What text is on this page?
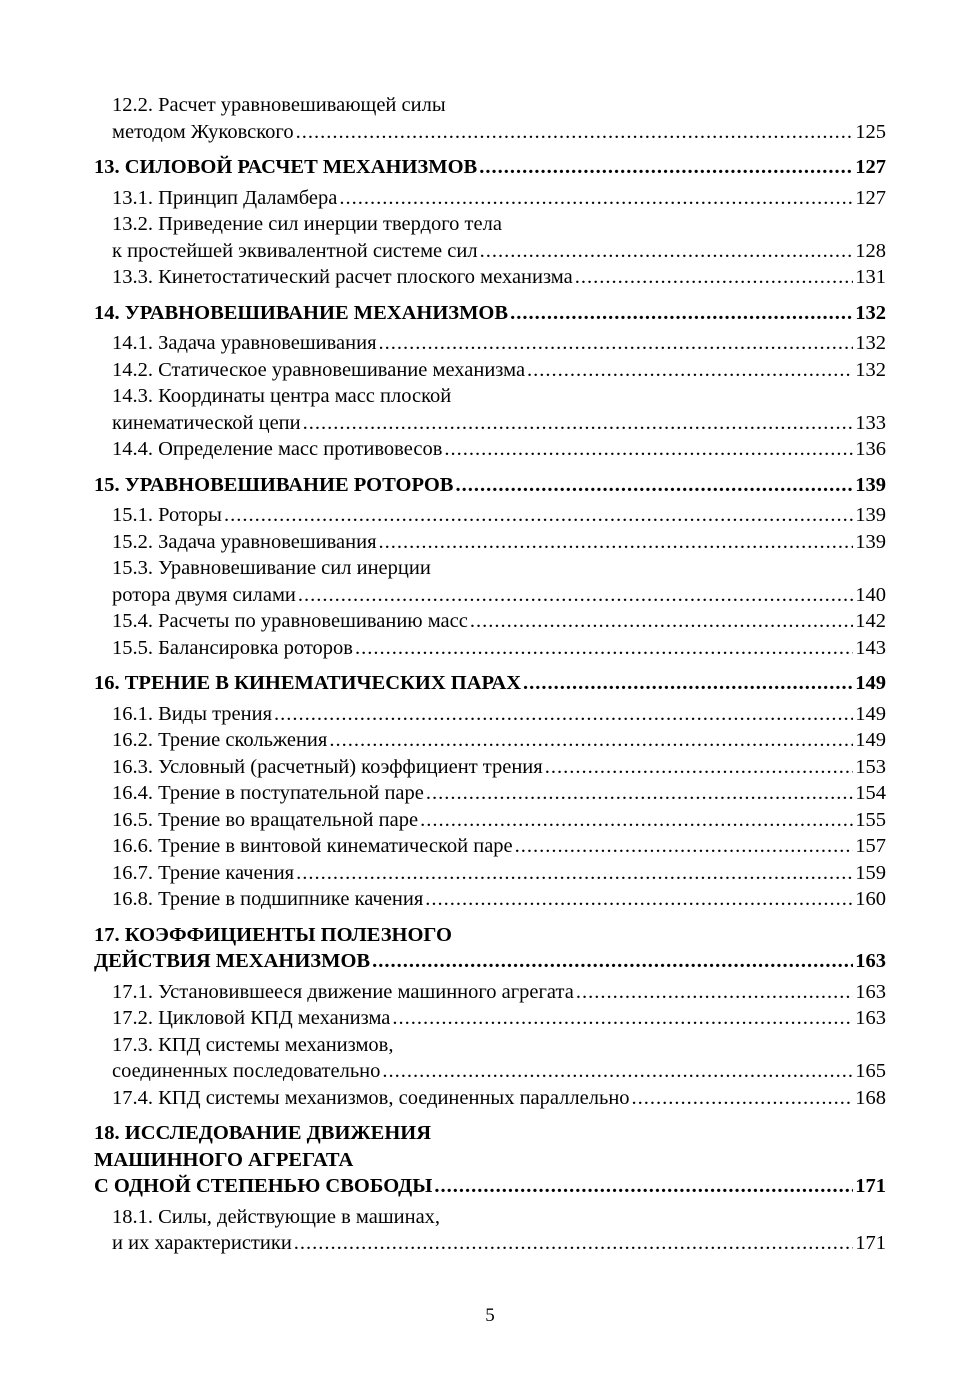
12.2. Расчет уравновешивающей силы
методом Жуковского .....	125
13. СИЛОВОЙ РАСЧЕТ МЕХАНИЗМОВ .....	127
13.1. Принцип Даламбера .....	127
13.2. Приведение сил инерции твердого тела
к простейшей эквивалентной системе сил .....	128
13.3. Кинетостатический расчет плоского механизма .....	131
14. УРАВНОВЕШИВАНИЕ МЕХАНИЗМОВ .....	132
14.1. Задача уравновешивания .....	132
14.2. Статическое уравновешивание механизма .....	132
14.3. Координаты центра масс плоской
кинематической цепи .....	133
14.4. Определение масс противовесов .....	136
15. УРАВНОВЕШИВАНИЕ РОТОРОВ .....	139
15.1. Роторы .....	139
15.2. Задача уравновешивания .....	139
15.3. Уравновешивание сил инерции
ротора двумя силами .....	140
15.4. Расчеты по уравновешиванию масс .....	142
15.5. Балансировка роторов .....	143
16. ТРЕНИЕ В КИНЕМАТИЧЕСКИХ ПАРАХ .....	149
16.1. Виды трения .....	149
16.2. Трение скольжения .....	149
16.3. Условный (расчетный) коэффициент трения .....	153
16.4. Трение в поступательной паре .....	154
16.5. Трение во вращательной паре .....	155
16.6. Трение в винтовой кинематической паре .....	157
16.7. Трение качения .....	159
16.8. Трение в подшипнике качения .....	160
17. КОЭФФИЦИЕНТЫ ПОЛЕЗНОГО
ДЕЙСТВИЯ МЕХАНИЗМОВ .....	163
17.1. Установившееся движение машинного агрегата .....	163
17.2. Цикловой КПД механизма .....	163
17.3. КПД системы механизмов,
соединенных последовательно .....	165
17.4. КПД системы механизмов, соединенных параллельно .....	168
18. ИССЛЕДОВАНИЕ ДВИЖЕНИЯ
МАШИННОГО АГРЕГАТА
С ОДНОЙ СТЕПЕНЬЮ СВОБОДЫ .....	171
18.1. Силы, действующие в машинах,
и их характеристики .....	171
5
